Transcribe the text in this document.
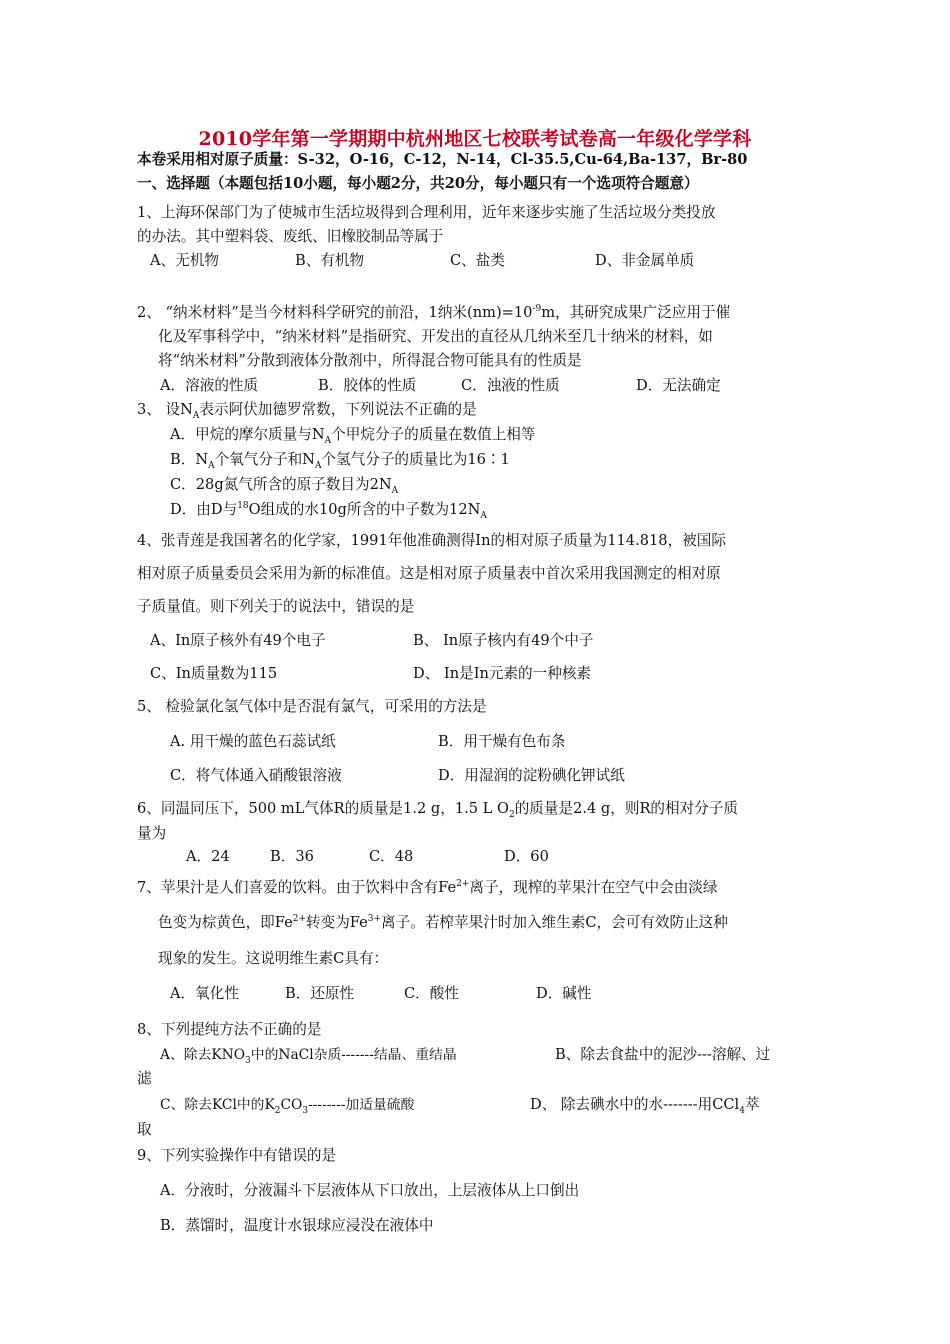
2010学年第一学期期中杭州地区七校联考试卷高一年级化学学科
本卷采用相对原子质量：S-32，O-16，C-12，N-14，Cl-35.5,Cu-64,Ba-137，Br-80
一、选择题（本题包括10小题，每小题2分，共20分，每小题只有一个选项符合题意）
1、上海环保部门为了使城市生活垃圾得到合理利用，近年来逐步实施了生活垃圾分类投放
的办法。其中塑料袋、废纸、旧橡胶制品等属于
A、无机物	B、有机物	C、盐类	D、非金属单质
2、 “纳米材料”是当今材料科学研究的前沿，1纳米$(nm)=10^{-9}m$，其研究成果广泛应用于催
化及军事科学中，“纳米材料”是指研究、开发出的直径从几纳米至几十纳米的材料，如
将“纳米材料”分散到液体分散剂中，所得混合物可能具有的性质是
A．溶液的性质	B．胶体的性质	C．浊液的性质	D．无法确定
3、 设$N_A$表示阿伏加德罗常数，下列说法不正确的是
A．甲烷的摩尔质量与$N_A$个甲烷分子的质量在数值上相等
B．$N_A$个氧气分子和$N_A$个氢气分子的质量比为16∶1
C．28g氮气所含的原子数目为$2N_A$
D．由D与$^{18}$O组成的水10g所含的中子数为$12N_A$
4、张青莲是我国著名的化学家，1991年他准确测得In的相对原子质量为114.818，被国际
相对原子质量委员会采用为新的标准值。这是相对原子质量表中首次采用我国测定的相对原
子质量值。则下列关于的说法中，错误的是
A、In原子核外有49个电子	B、 In原子核内有49个中子
C、In质量数为115	D、 In是In元素的一种核素
5、 检验氯化氢气体中是否混有氯气，可采用的方法是
A. 用干燥的蓝色石蕊试纸	B．用干燥有色布条
C．将气体通入硝酸银溶液	D．用湿润的淀粉碘化钾试纸
6、同温同压下，500 mL气体R的质量是1.2 g，1.5 L $O_2$的质量是2.4 g，则R的相对分子质
量为
A．24	B．36	C．48	D．60
7、苹果汁是人们喜爱的饮料。由于饮料中含有$Fe^{2+}$离子，现榨的苹果汁在空气中会由淡绿
色变为棕黄色，即$Fe^{2+}$转变为$Fe^{3+}$离子。若榨苹果汁时加入维生素C，会可有效防止这种
现象的发生。这说明维生素C具有：
A．氧化性	B．还原性	C．酸性	D．碱性
8、下列提纯方法不正确的是
A、除去$KNO_3$中的NaCl杂质-------结晶、重结晶	B、除去食盐中的泥沙---溶解、过
滤
C、除去KCl中的$K_2CO_3--------$加适量硫酸	D、 除去碘水中的水-------用CCl$_4$萃
取
9、下列实验操作中有错误的是
A．分液时，分液漏斗下层液体从下口放出，上层液体从上口倒出
B．蒸馏时，温度计水银球应浸没在液体中
